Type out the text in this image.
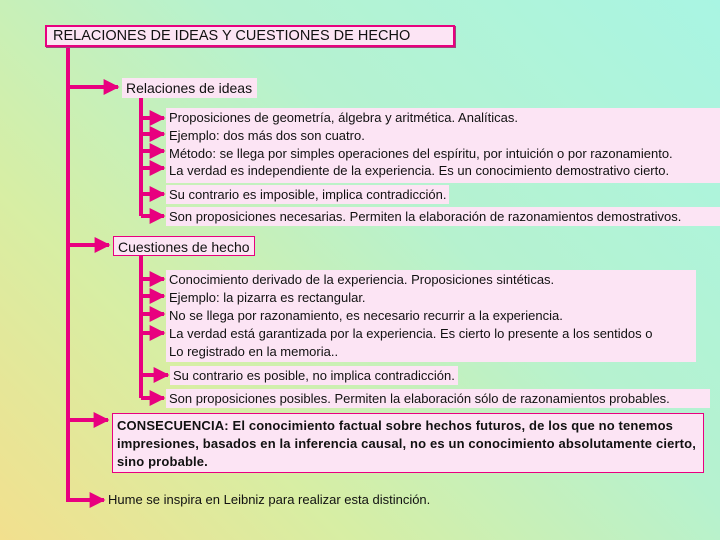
RELACIONES DE IDEAS Y CUESTIONES DE HECHO
Relaciones de ideas
Proposiciones de geometría, álgebra y aritmética. Analíticas.
Ejemplo: dos más dos son cuatro.
Método: se llega por simples operaciones del espíritu, por intuición o por razonamiento.
La verdad es independiente de la experiencia. Es un conocimiento demostrativo cierto.
Su contrario es imposible, implica contradicción.
Son proposiciones necesarias. Permiten la elaboración de razonamientos demostrativos.
Cuestiones de hecho
Conocimiento derivado de la experiencia. Proposiciones sintéticas.
Ejemplo: la pizarra es rectangular.
No se llega por razonamiento, es necesario recurrir a la experiencia.
La verdad está garantizada por la experiencia. Es cierto lo presente a los sentidos o
Lo registrado en la memoria..
Su contrario es posible, no implica contradicción.
Son proposiciones posibles. Permiten la elaboración sólo de razonamientos probables.
CONSECUENCIA: El conocimiento factual sobre hechos futuros, de los que no tenemos impresiones, basados en la inferencia causal, no es un conocimiento absolutamente cierto, sino probable.
Hume se inspira en Leibniz para realizar esta distinción.
